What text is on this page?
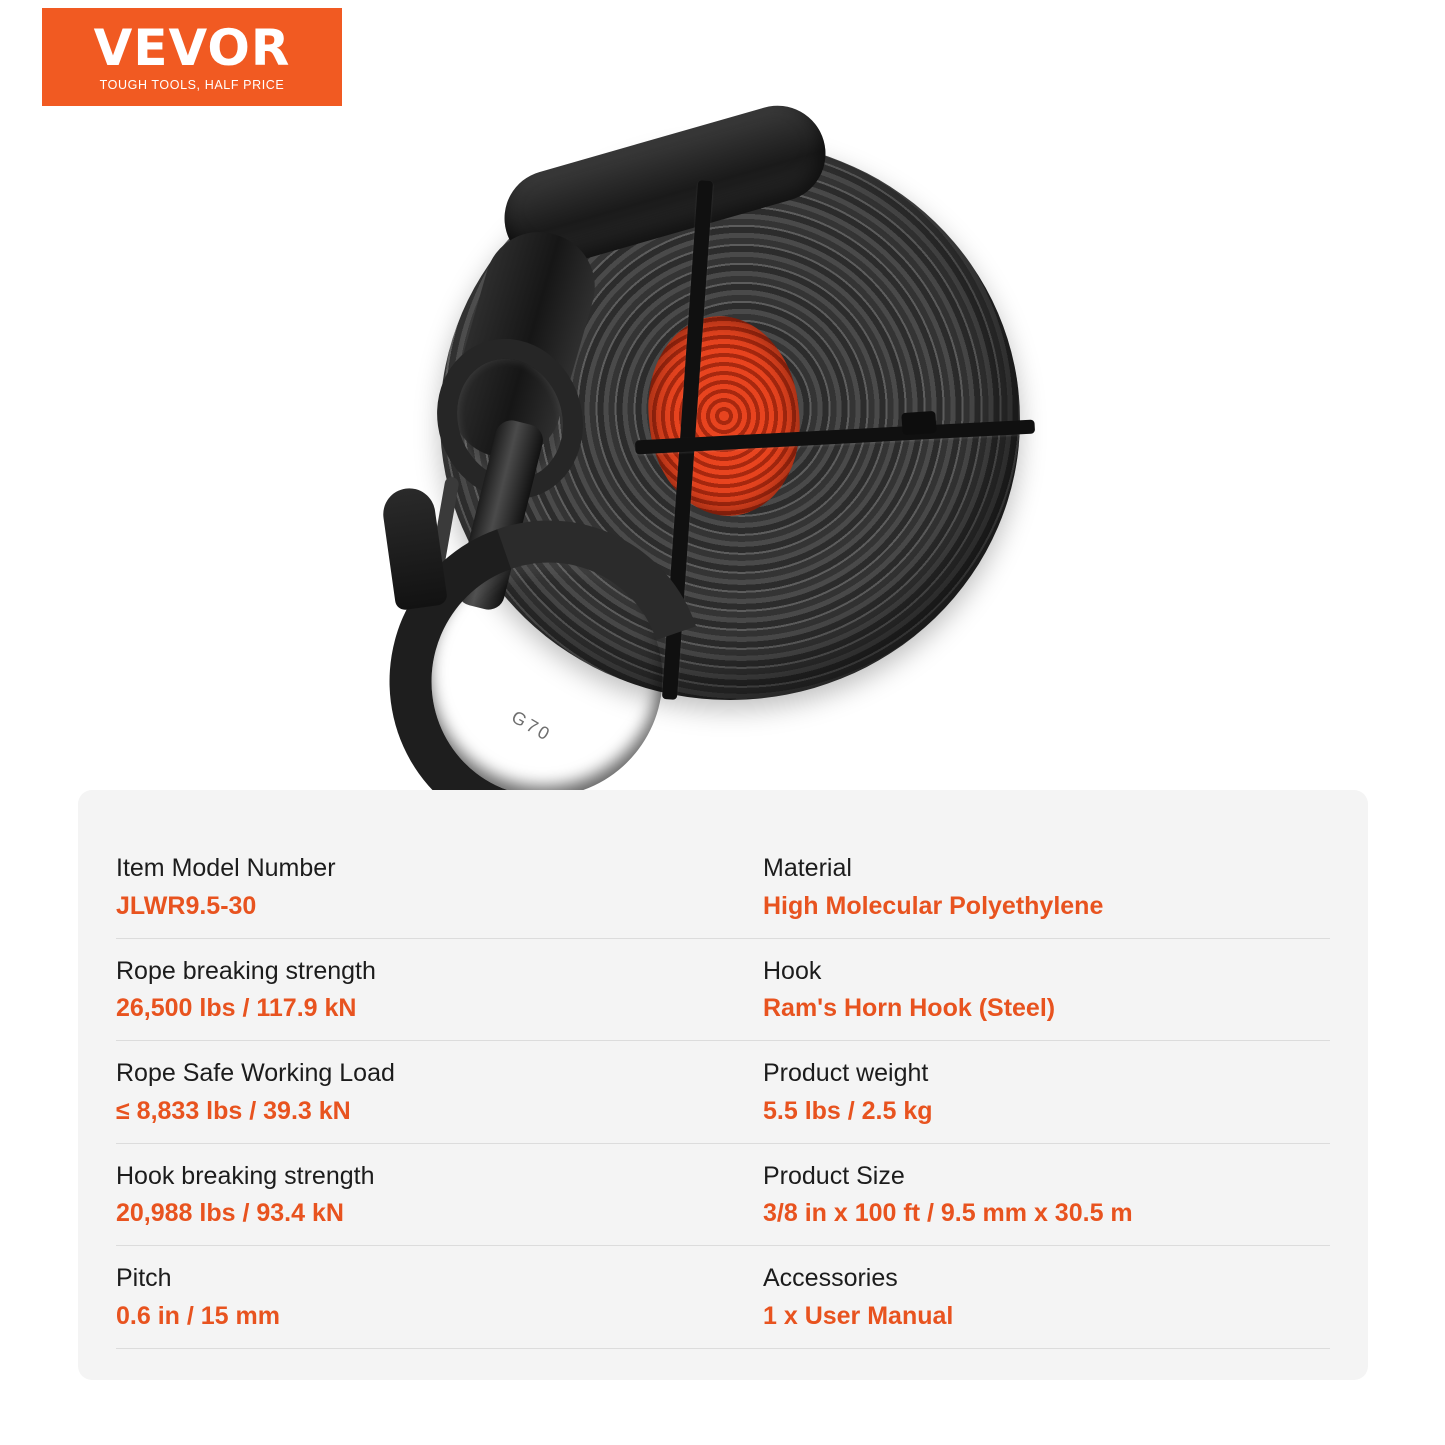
VEVOR
TOUGH TOOLS, HALF PRICE
G70
Item Model Number
JLWR9.5-30
Material
High Molecular Polyethylene
Rope breaking strength
26,500 lbs / 117.9 kN
Hook
Ram's Horn Hook (Steel)
Rope Safe Working Load
≤ 8,833 lbs / 39.3 kN
Product weight
5.5 lbs / 2.5 kg
Hook breaking strength
20,988 lbs / 93.4 kN
Product Size
3/8 in x 100 ft / 9.5 mm x 30.5 m
Pitch
0.6 in / 15 mm
Accessories
1 x User Manual
